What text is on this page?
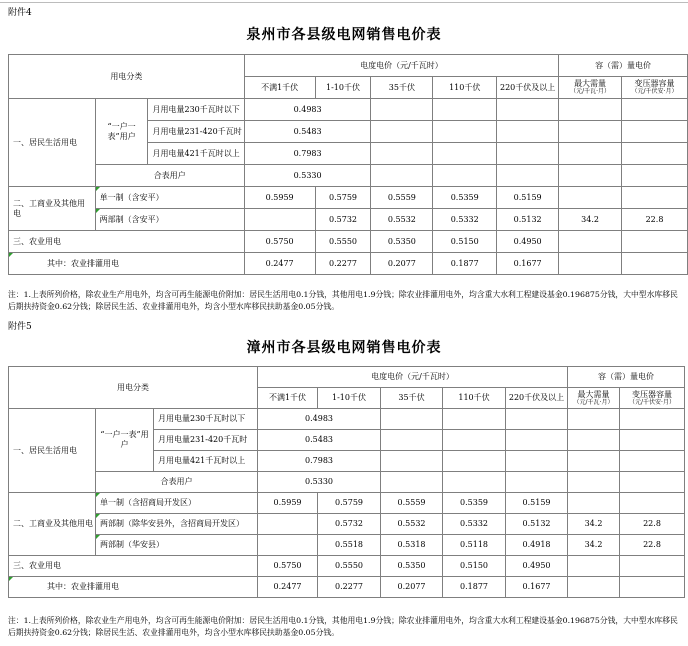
附件4
泉州市各县级电网销售电价表
用电分类			电度电价（元/千瓦时）					容（需）量电价	
			不满1千伏	1-10千伏	35千伏	110千伏	220千伏及以上	最大需量
（元/千瓦·月）	变压器容量
（元/千伏安·月）

一、居民生活用电	“一户一表”用户	月用电量230千瓦时以下	0.4983						
		月用电量231-420千瓦时	0.5483						
		月用电量421千瓦时以上	0.7983						
	合表用户		0.5330						
二、工商业及其他用电	单一制（含安平）		0.5959	0.5759	0.5559	0.5359	0.5159		
	两部制（含安平）			0.5732	0.5532	0.5332	0.5132	34.2	22.8
三、农业用电			0.5750	0.5550	0.5350	0.5150	0.4950		
其中：农业排灌用电			0.2477	0.2277	0.2077	0.1877	0.1677		
注：1.上表所列价格，除农业生产用电外，均含可再生能源电价附加：居民生活用电0.1分钱，其他用电1.9分钱；除农业排灌用电外，均含重大水利工程建设基金0.196875分钱，大中型水库移民后期扶持资金0.62分钱；除居民生活、农业排灌用电外，均含小型水库移民扶助基金0.05分钱。
附件5
漳州市各县级电网销售电价表
用电分类			电度电价（元/千瓦时）					容（需）量电价	
			不满1千伏	1-10千伏	35千伏	110千伏	220千伏及以上	最大需量
（元/千瓦·月）	变压器容量
（元/千伏安·月）

一、居民生活用电	“一户一表”用户	月用电量230千瓦时以下	0.4983						
		月用电量231-420千瓦时	0.5483						
		月用电量421千瓦时以上	0.7983						
	合表用户		0.5330						
二、工商业及其他用电	单一制（含招商局开发区）		0.5959	0.5759	0.5559	0.5359	0.5159		
	两部制（除华安县外，含招商局开发区）			0.5732	0.5532	0.5332	0.5132	34.2	22.8
	两部制（华安县）			0.5518	0.5318	0.5118	0.4918	34.2	22.8
三、农业用电			0.5750	0.5550	0.5350	0.5150	0.4950		
其中：农业排灌用电			0.2477	0.2277	0.2077	0.1877	0.1677		
注：1.上表所列价格，除农业生产用电外，均含可再生能源电价附加：居民生活用电0.1分钱，其他用电1.9分钱；除农业排灌用电外，均含重大水利工程建设基金0.196875分钱，大中型水库移民后期扶持资金0.62分钱；除居民生活、农业排灌用电外，均含小型水库移民扶助基金0.05分钱。
